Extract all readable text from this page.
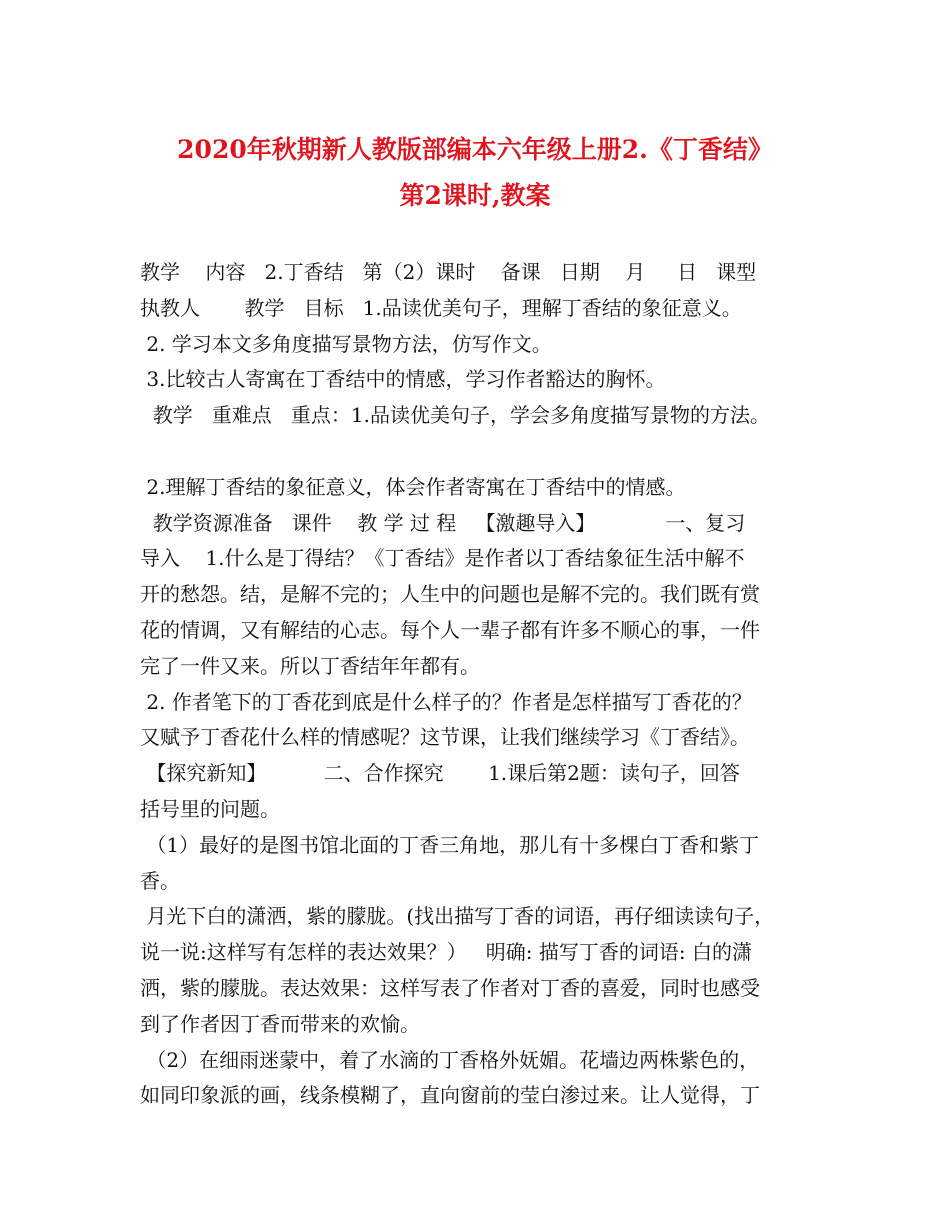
2020年秋期新人教版部编本六年级上册2.《丁香结》
第2课时,教案
教学    内容   2.丁香结   第（2）课时    备课   日期    月     日   课型
执教人       教学   目标   1.品读优美句子，理解丁香结的象征意义。
2. 学习本文多角度描写景物方法，仿写作文。
3.比较古人寄寓在丁香结中的情感，学习作者豁达的胸怀。
教学   重难点   重点：1.品读优美句子，学会多角度描写景物的方法。
2.理解丁香结的象征意义，体会作者寄寓在丁香结中的情感。
教学资源准备   课件    教 学 过 程   【激趣导入】           一、复习
导入    1.什么是丁得结？《丁香结》是作者以丁香结象征生活中解不
开的愁怨。结，是解不完的；人生中的问题也是解不完的。我们既有赏
花的情调，又有解结的心志。每个人一辈子都有许多不顺心的事，一件
完了一件又来。所以丁香结年年都有。
2. 作者笔下的丁香花到底是什么样子的？作者是怎样描写丁香花的？
又赋予丁香花什么样的情感呢？这节课，让我们继续学习《丁香结》。
【探究新知】         二、合作探究       1.课后第2题：读句子，回答
括号里的问题。
（1）最好的是图书馆北面的丁香三角地，那儿有十多棵白丁香和紫丁
香。
月光下白的潇洒，紫的朦胧。(找出描写丁香的词语，再仔细读读句子，
说一说:这样写有怎样的表达效果？）   明确: 描写丁香的词语: 白的潇
洒，紫的朦胧。表达效果：这样写表了作者对丁香的喜爱，同时也感受
到了作者因丁香而带来的欢愉。
（2）在细雨迷蒙中，着了水滴的丁香格外妩媚。花墙边两株紫色的，
如同印象派的画，线条模糊了，直向窗前的莹白渗过来。让人觉得，丁
